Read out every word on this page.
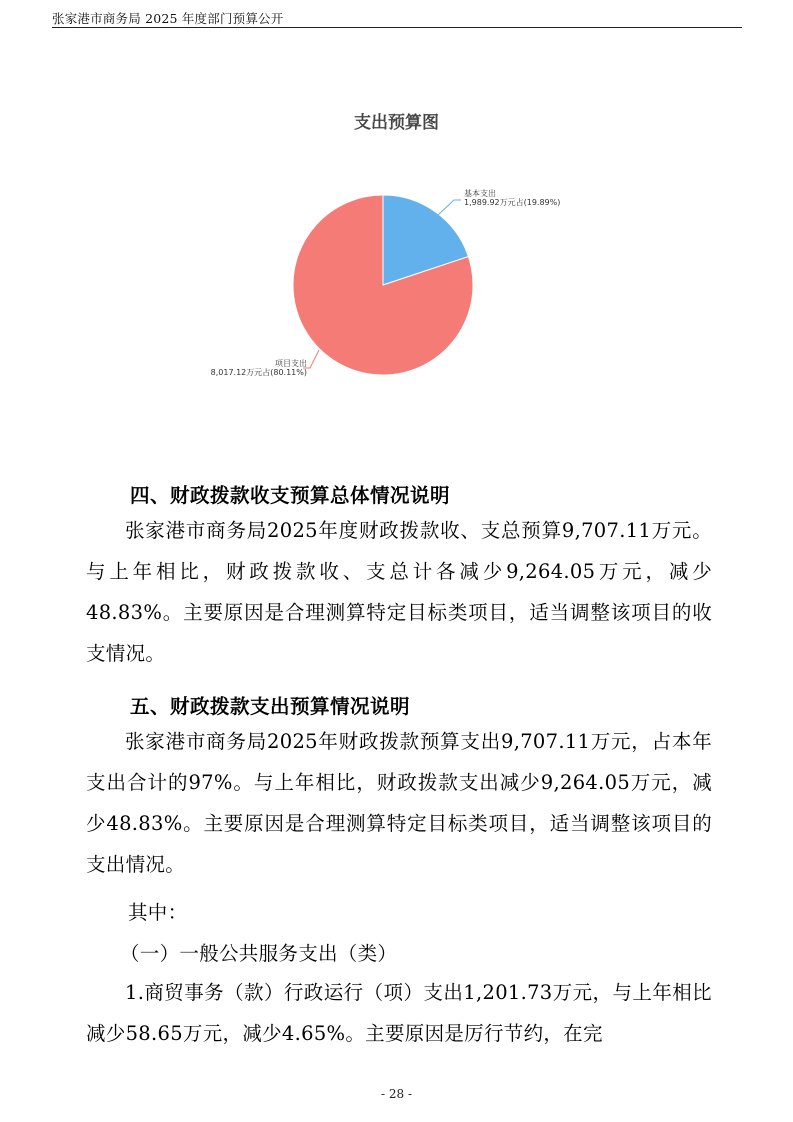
张家港市商务局 2025 年度部门预算公开
支出预算图
基本支出
1,989.92万元占(19.89%)
项目支出
8,017.12万元占(80.11%)
四、财政拨款收支预算总体情况说明

张家港市商务局2025年度财政拨款收、支总预算9,707.11万元。与上年相比，财政拨款收、支总计各减少9,264.05万元，减少48.83%。主要原因是合理测算特定目标类项目，适当调整该项目的收支情况。

五、财政拨款支出预算情况说明

张家港市商务局2025年财政拨款预算支出9,707.11万元，占本年支出合计的97%。与上年相比，财政拨款支出减少9,264.05万元，减少48.83%。主要原因是合理测算特定目标类项目，适当调整该项目的支出情况。

其中：
（一）一般公共服务支出（类）

1.商贸事务（款）行政运行（项）支出1,201.73万元，与上年相比减少58.65万元，减少4.65%。主要原因是厉行节约，在完

- 28 -
